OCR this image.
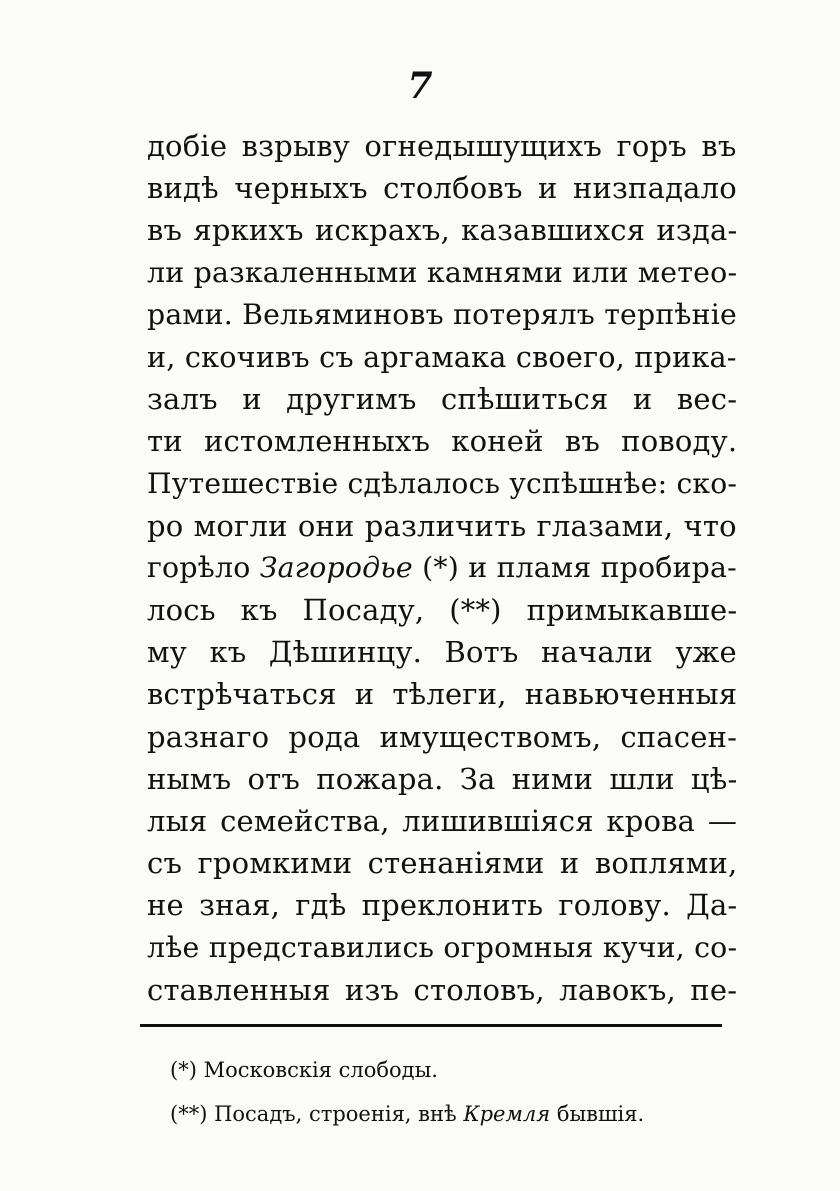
7
добіе взрыву огнедышущихъ горъ въ
видѣ черныхъ столбовъ и низпадало
въ яркихъ искрахъ, казавшихся изда-
ли разкаленными камнями или метео-
рами. Вельяминовъ потерялъ терпѣніе
и, скочивъ съ аргамака своего, прика-
залъ и другимъ спѣшиться и вес-
ти истомленныхъ коней въ поводу.
Путешествіе сдѣлалось успѣшнѣе: ско-
ро могли они различить глазами, что
горѣло Загородье (*) и пламя пробира-
лось къ Посаду, (**) примыкавше-
му къ Дѣшинцу. Вотъ начали уже
встрѣчаться и тѣлеги, навьюченныя
разнаго рода имуществомъ, спасен-
нымъ отъ пожара. За ними шли цѣ-
лыя семейства, лишившіяся крова —
съ громкими стенаніями и воплями,
не зная, гдѣ преклонить голову. Да-
лѣе представились огромныя кучи, со-
ставленныя изъ столовъ, лавокъ, пе-
(*) Московскія слободы.
(**) Посадъ, строенія, внѣ Кремля бывшія.
